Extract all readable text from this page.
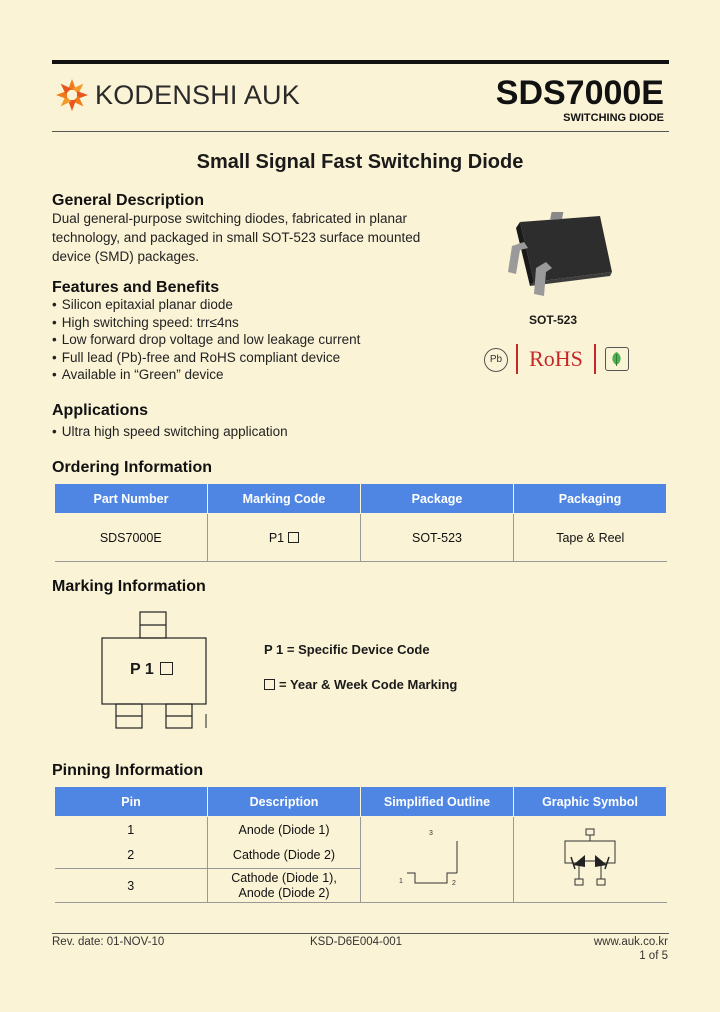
KODENSHI AUK	SDS7000E
SWITCHING DIODE
Small Signal Fast Switching Diode
General Description
Dual general-purpose switching diodes, fabricated in planar
technology, and packaged in small SOT-523 surface mounted
device (SMD) packages.
SOT-523
Pb	RoHS
Features and Benefits
• Silicon epitaxial planar diode
• High switching speed: trr≤4ns
• Low forward drop voltage and low leakage current
• Full lead (Pb)-free and RoHS compliant device
• Available in “Green” device
Applications
• Ultra high speed switching application
Ordering Information
Part Number	Marking Code	Package	Packaging
SDS7000E	P1	SOT-523	Tape & Reel
Marking Information
P 1
P 1 = Specific Device Code
= Year & Week Code Marking
Pinning Information
Pin	Description	Simplified Outline	Graphic Symbol
1	Anode (Diode 1)	3
1 2

2	Cathode (Diode 2)		
3	Cathode (Diode 1),
Anode (Diode 2)		
Rev. date: 01-NOV-10	KSD-D6E004-001	www.auk.co.kr
1 of 5
